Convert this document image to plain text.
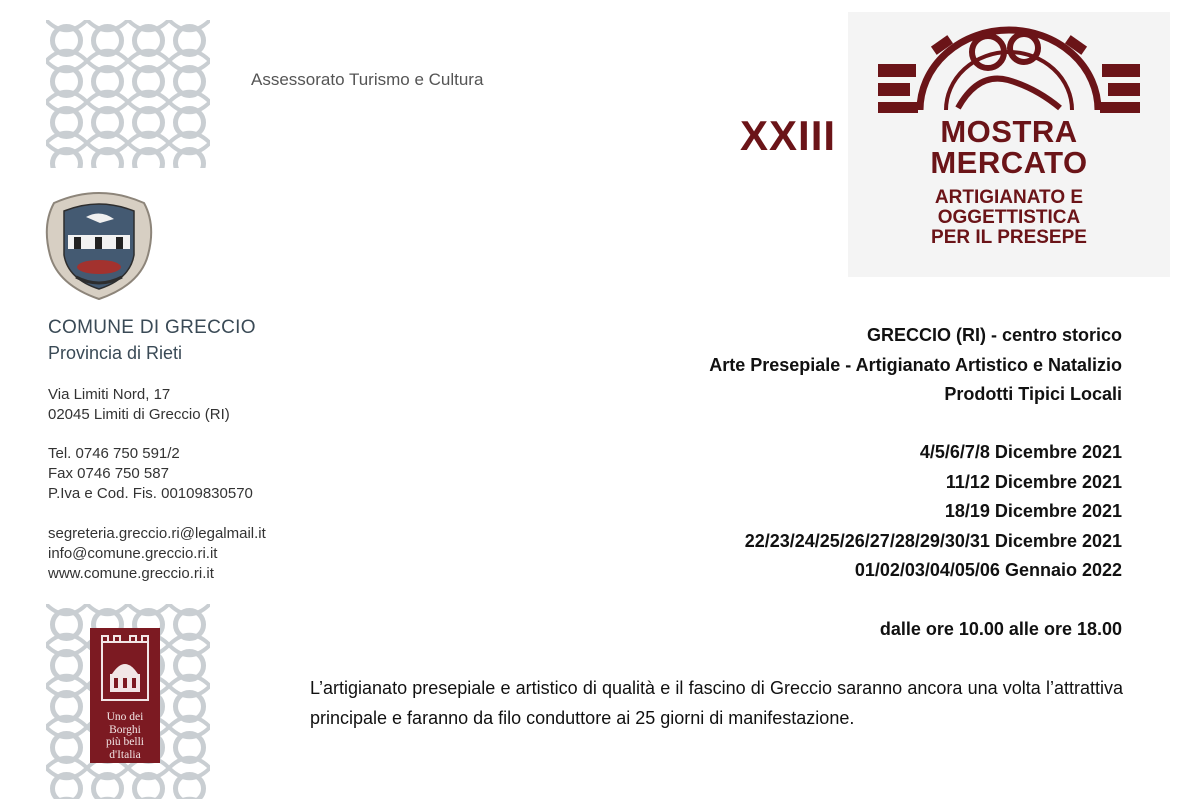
Assessorato Turismo e Cultura
COMUNE DI GRECCIO
Provincia di Rieti
Via Limiti Nord, 17
02045 Limiti di Greccio (RI)
Tel. 0746 750 591/2
Fax 0746 750 587
P.Iva e Cod. Fis. 00109830570
segreteria.greccio.ri@legalmail.it
info@comune.greccio.ri.it
www.comune.greccio.ri.it
Uno dei
Borghi
più belli
d'Italia
XXIII	MOSTRA
MERCATO
ARTIGIANATO E
OGGETTISTICA
PER IL PRESEPE
GRECCIO (RI) - centro storico
Arte Presepiale - Artigianato Artistico e Natalizio
Prodotti Tipici Locali
4/5/6/7/8 Dicembre 2021
11/12 Dicembre 2021
18/19 Dicembre 2021
22/23/24/25/26/27/28/29/30/31 Dicembre 2021
01/02/03/04/05/06 Gennaio 2022
dalle ore 10.00 alle ore 18.00
L’artigianato presepiale e artistico di qualità e il fascino di Greccio saranno ancora una volta l’attrattiva principale e faranno da filo conduttore ai 25 giorni di manifestazione.
